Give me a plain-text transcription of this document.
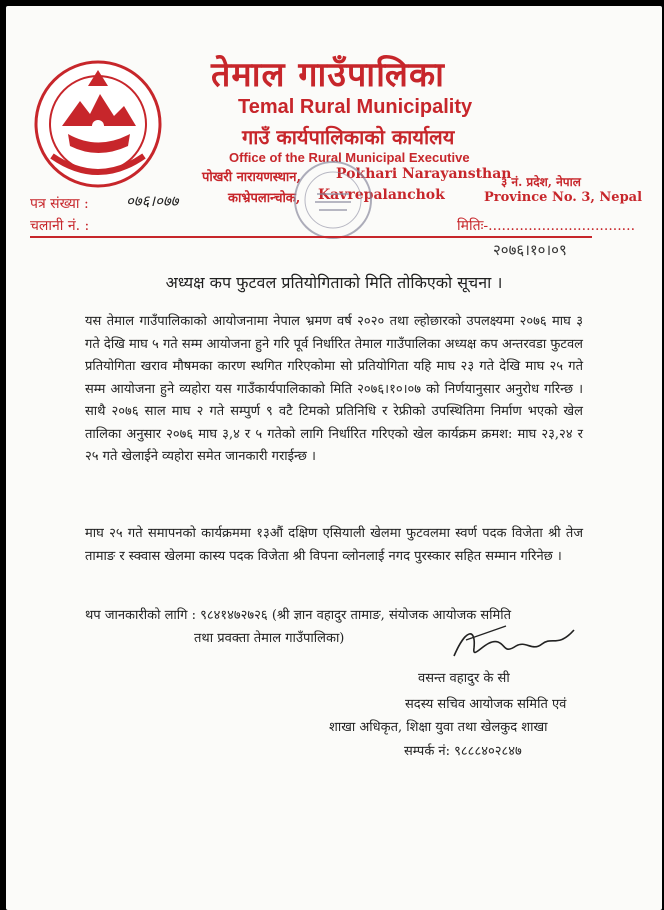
तेमाल गाउँपालिका
Temal Rural Municipality
गाउँ कार्यपालिकाको कार्यालय
Office of the Rural Municipal Executive
पोखरी नारायणस्थान, Pokhari Narayansthan
काभ्रेपलान्चोक, Kavrepalanchok
३ नं. प्रदेश, नेपाल
Province No. 3, Nepal
पत्र संख्या : ०७६।०७७
चलानी नं. :	मितिः-.................................
२०७६।१०।०९
अध्यक्ष कप फुटवल प्रतियोगिताको मिति तोकिएको सूचना ।
यस तेमाल गाउँपालिकाको आयोजनामा नेपाल भ्रमण वर्ष २०२० तथा ल्होछारको उपलक्ष्यमा २०७६ माघ ३ गते देखि माघ ५ गते सम्म आयोजना हुने गरि पूर्व निर्धारित तेमाल गाउँपालिका अध्यक्ष कप अन्तरवडा फुटवल प्रतियोगिता खराव मौषमका कारण स्थगित गरिएकोमा सो प्रतियोगिता यहि माघ २३ गते देखि माघ २५ गते सम्म आयोजना हुने व्यहोरा यस गाउँकार्यपालिकाको मिति २०७६।१०।०७ को निर्णयानुसार अनुरोध गरिन्छ ।साथै २०७६ साल माघ २ गते सम्पुर्ण ९ वटै टिमको प्रतिनिधि र रेफ्रीको उपस्थितिमा निर्माण भएको खेल तालिका अनुसार २०७६ माघ ३,४ र ५ गतेको लागि निर्धारित गरिएको खेल कार्यक्रम क्रमश: माघ २३,२४ र २५ गते खेलाईने व्यहोरा समेत जानकारी गराईन्छ ।
माघ २५ गते समापनको कार्यक्रममा १३औं दक्षिण एसियाली खेलमा फुटवलमा स्वर्ण पदक विजेता श्री तेज तामाङ र स्क्वास खेलमा कास्य पदक विजेता श्री विपना व्लोनलाई नगद पुरस्कार सहित सम्मान गरिनेछ ।
थप जानकारीको लागि : ९८४१४७२७२६ (श्री ज्ञान वहादुर तामाङ, संयोजक आयोजक समिति
तथा प्रवक्ता तेमाल गाउँपालिका)
वसन्त वहादुर के सी
सदस्य सचिव आयोजक समिति एवं
शाखा अधिकृत, शिक्षा युवा तथा खेलकुद शाखा
सम्पर्क नं: ९८८८४०२८४७
